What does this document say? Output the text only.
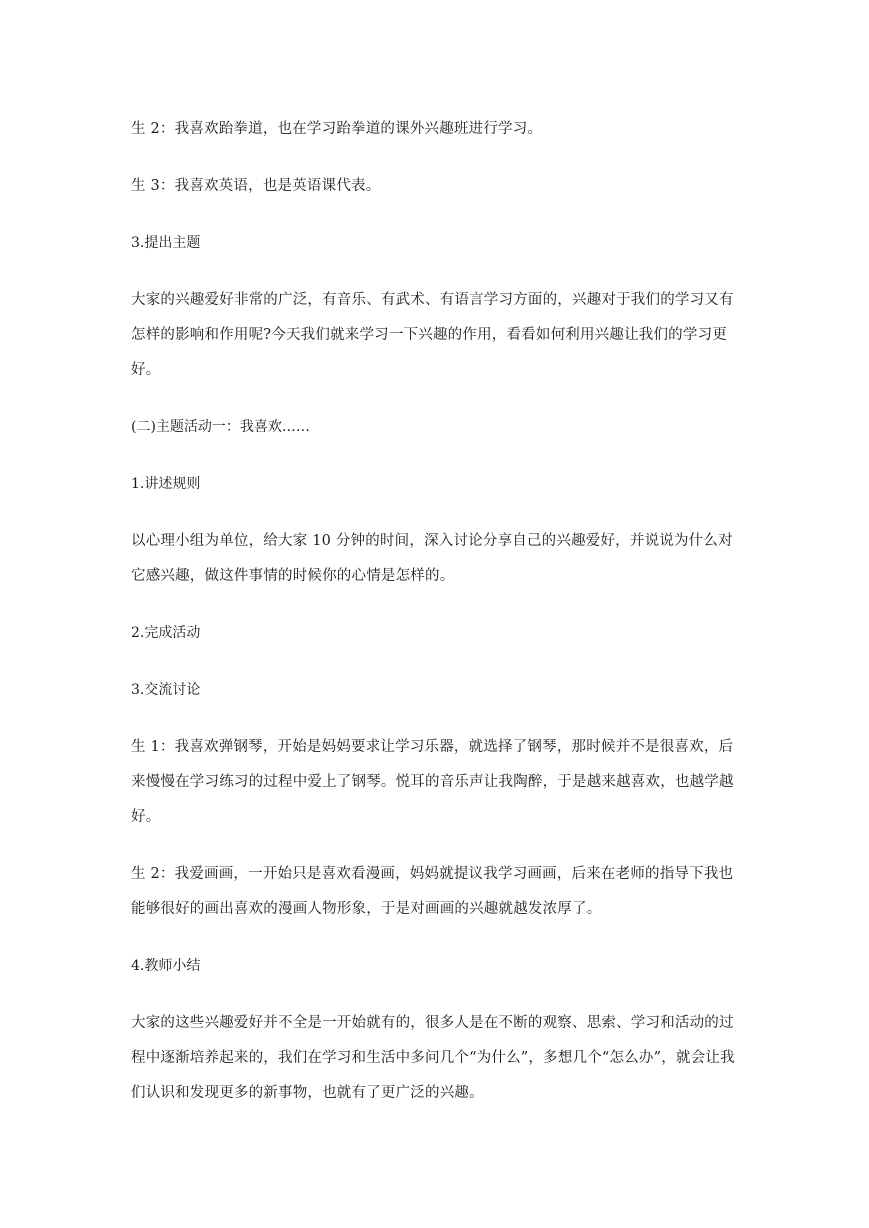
生 2：我喜欢跆拳道，也在学习跆拳道的课外兴趣班进行学习。

生 3：我喜欢英语，也是英语课代表。

3.提出主题

大家的兴趣爱好非常的广泛，有音乐、有武术、有语言学习方面的，兴趣对于我们的学习又有怎样的影响和作用呢?今天我们就来学习一下兴趣的作用，看看如何利用兴趣让我们的学习更好。

(二)主题活动一：我喜欢……

1.讲述规则

以心理小组为单位，给大家 10 分钟的时间，深入讨论分享自己的兴趣爱好，并说说为什么对它感兴趣，做这件事情的时候你的心情是怎样的。

2.完成活动

3.交流讨论

生 1：我喜欢弹钢琴，开始是妈妈要求让学习乐器，就选择了钢琴，那时候并不是很喜欢，后来慢慢在学习练习的过程中爱上了钢琴。悦耳的音乐声让我陶醉，于是越来越喜欢，也越学越好。

生 2：我爱画画，一开始只是喜欢看漫画，妈妈就提议我学习画画，后来在老师的指导下我也能够很好的画出喜欢的漫画人物形象，于是对画画的兴趣就越发浓厚了。

4.教师小结

大家的这些兴趣爱好并不全是一开始就有的，很多人是在不断的观察、思索、学习和活动的过程中逐渐培养起来的，我们在学习和生活中多问几个“为什么”，多想几个“怎么办”，就会让我们认识和发现更多的新事物，也就有了更广泛的兴趣。
